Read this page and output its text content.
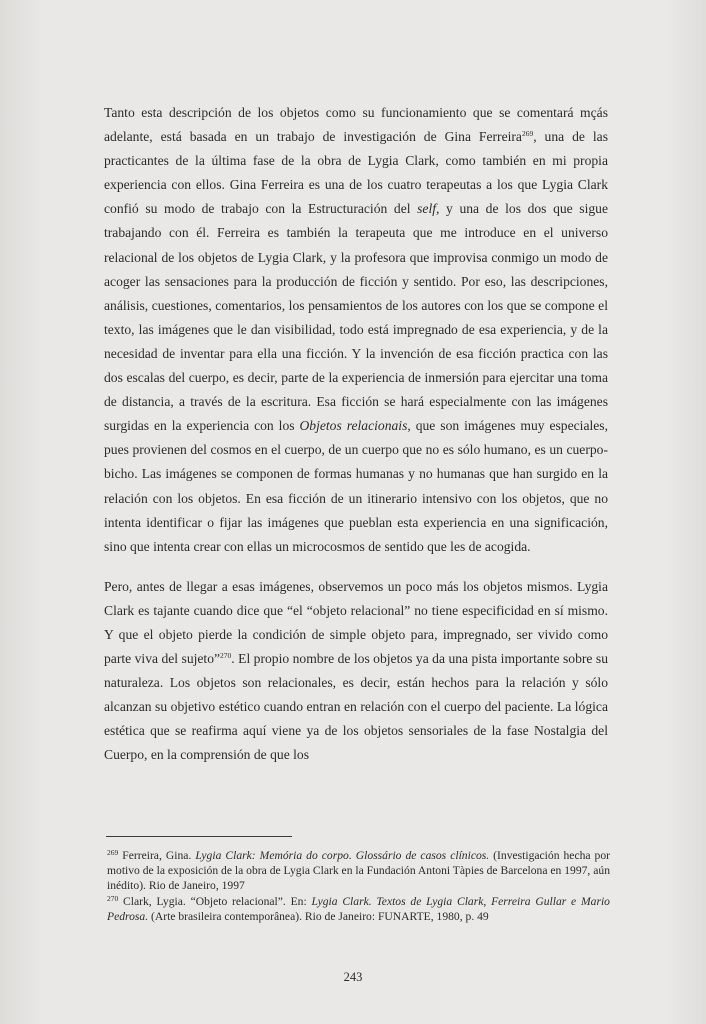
Tanto esta descripción de los objetos como su funcionamiento que se comentará mçás adelante, está basada en un trabajo de investigación de Gina Ferreira$^{269}$, una de las practicantes de la última fase de la obra de Lygia Clark, como también en mi propia experiencia con ellos. Gina Ferreira es una de los cuatro terapeutas a los que Lygia Clark confió su modo de trabajo con la Estructuración del self, y una de los dos que sigue trabajando con él. Ferreira es también la terapeuta que me introduce en el universo relacional de los objetos de Lygia Clark, y la profesora que improvisa conmigo un modo de acoger las sensaciones para la producción de ficción y sentido. Por eso, las descripciones, análisis, cuestiones, comentarios, los pensamientos de los autores con los que se compone el texto, las imágenes que le dan visibilidad, todo está impregnado de esa experiencia, y de la necesidad de inventar para ella una ficción. Y la invención de esa ficción practica con las dos escalas del cuerpo, es decir, parte de la experiencia de inmersión para ejercitar una toma de distancia, a través de la escritura. Esa ficción se hará especialmente con las imágenes surgidas en la experiencia con los Objetos relacionais, que son imágenes muy especiales, pues provienen del cosmos en el cuerpo, de un cuerpo que no es sólo humano, es un cuerpo-bicho. Las imágenes se componen de formas humanas y no humanas que han surgido en la relación con los objetos. En esa ficción de un itinerario intensivo con los objetos, que no intenta identificar o fijar las imágenes que pueblan esta experiencia en una significación, sino que intenta crear con ellas un microcosmos de sentido que les de acogida.

Pero, antes de llegar a esas imágenes, observemos un poco más los objetos mismos. Lygia Clark es tajante cuando dice que “el “objeto relacional” no tiene especificidad en sí mismo. Y que el objeto pierde la condición de simple objeto para, impregnado, ser vivido como parte viva del sujeto”$^{270}$. El propio nombre de los objetos ya da una pista importante sobre su naturaleza. Los objetos son relacionales, es decir, están hechos para la relación y sólo alcanzan su objetivo estético cuando entran en relación con el cuerpo del paciente. La lógica estética que se reafirma aquí viene ya de los objetos sensoriales de la fase Nostalgia del Cuerpo, en la comprensión de que los

$^{269}$ Ferreira, Gina. Lygia Clark: Memória do corpo. Glossário de casos clínicos. (Investigación hecha por motivo de la exposición de la obra de Lygia Clark en la Fundación Antoni Tàpies de Barcelona en 1997, aún inédito). Rio de Janeiro, 1997

$^{270}$ Clark, Lygia. “Objeto relacional”. En: Lygia Clark. Textos de Lygia Clark, Ferreira Gullar e Mario Pedrosa. (Arte brasileira contemporânea). Rio de Janeiro: FUNARTE, 1980, p. 49

243
